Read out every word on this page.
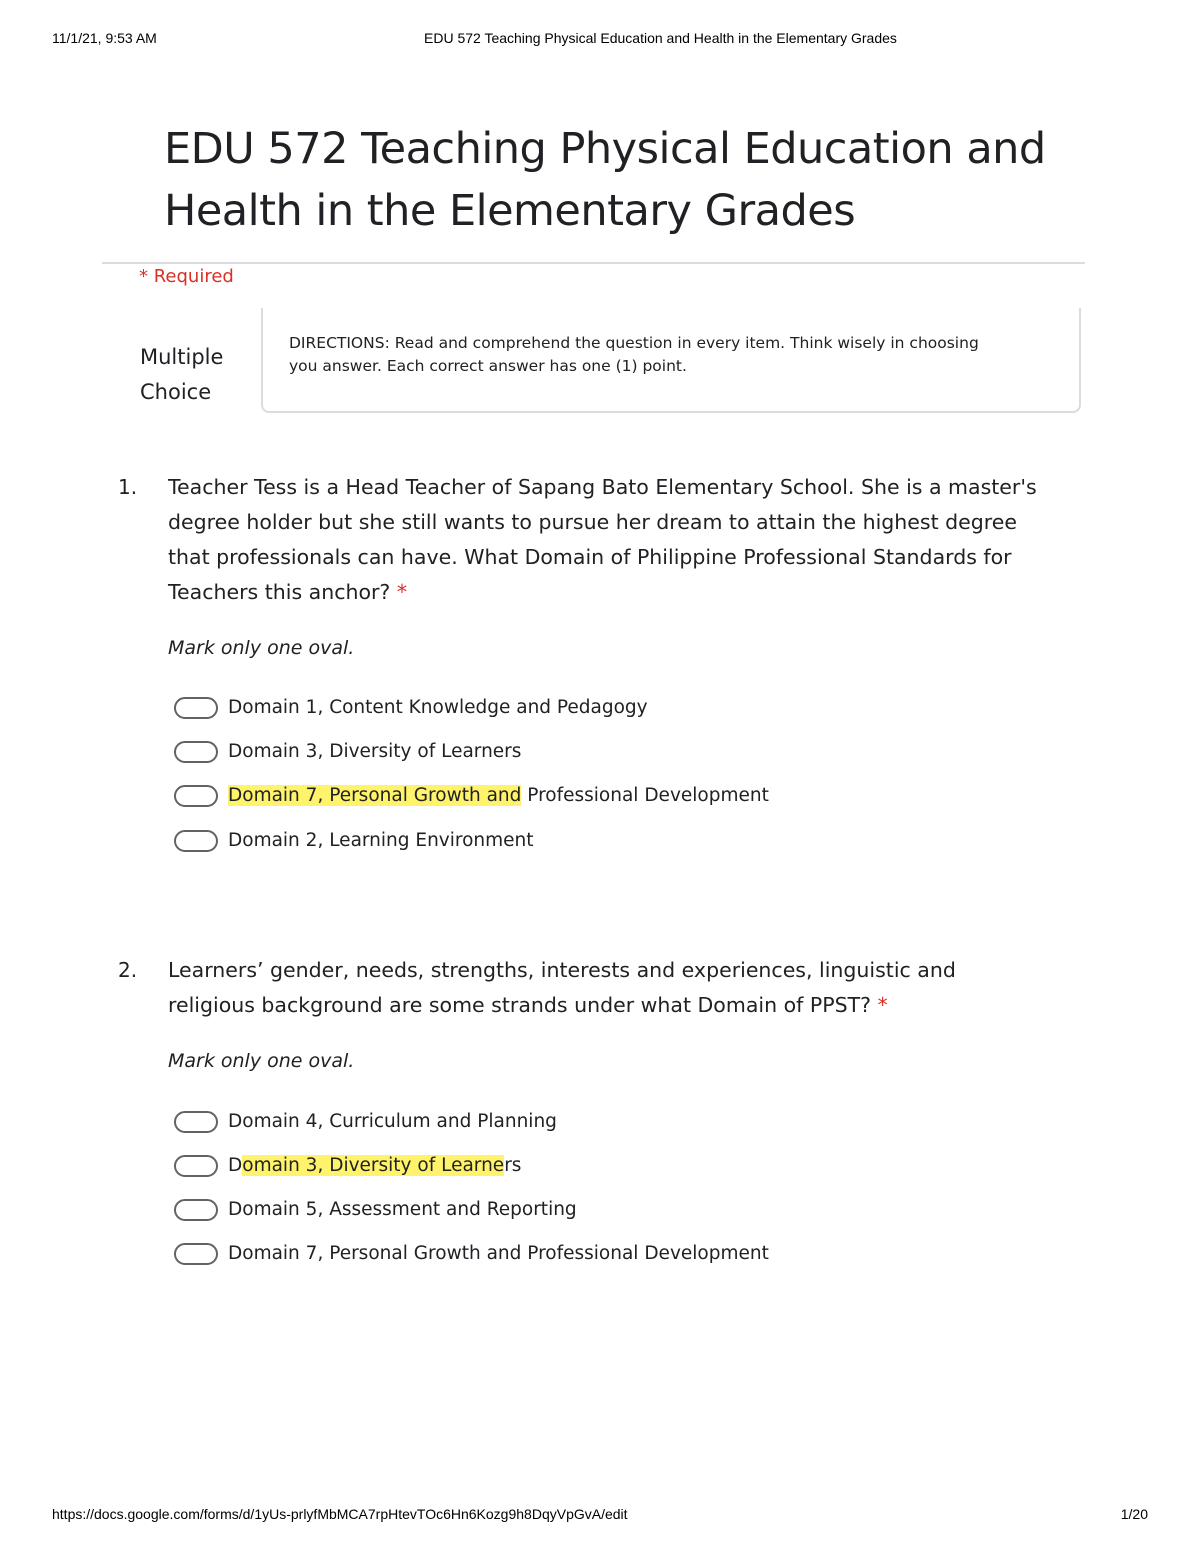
11/1/21, 9:53 AM	EDU 572 Teaching Physical Education and Health in the Elementary Grades
EDU 572 Teaching Physical Education and
Health in the Elementary Grades
* Required
Multiple
Choice
DIRECTIONS: Read and comprehend the question in every item. Think wisely in choosing
you answer. Each correct answer has one (1) point.
1. Teacher Tess is a Head Teacher of Sapang Bato Elementary School. She is a master's
degree holder but she still wants to pursue her dream to attain the highest degree
that professionals can have. What Domain of Philippine Professional Standards for
Teachers this anchor? *

Mark only one oval.
Domain 1, Content Knowledge and Pedagogy
Domain 3, Diversity of Learners
Domain 7, Personal Growth and Professional Development
Domain 2, Learning Environment
2. Learners’ gender, needs, strengths, interests and experiences, linguistic and
religious background are some strands under what Domain of PPST? *

Mark only one oval.
Domain 4, Curriculum and Planning
Domain 3, Diversity of Learners
Domain 5, Assessment and Reporting
Domain 7, Personal Growth and Professional Development
https://docs.google.com/forms/d/1yUs-prlyfMbMCA7rpHtevTOc6Hn6Kozg9h8DqyVpGvA/edit	1/20
